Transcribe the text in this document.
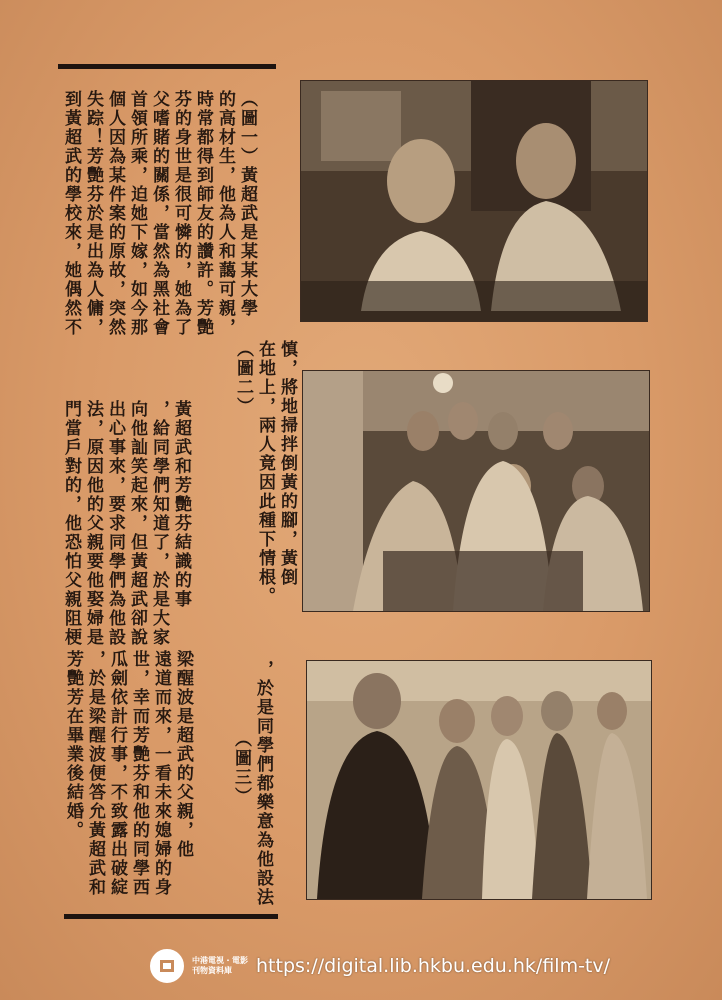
（圖一）黃超武是某某大學
的高材生，他為人和藹可親，
時常都得到師友的讚許。芳艷
芬的身世是很可憐的，她為了
父嗜賭的關係，當然為黑社會
首領所乘，迫她下嫁，如今那
個人因為某件案的原故，突然
失踪！芳艷芬於是出為人傭，
到黃超武的學校來，她偶然不
慎，將地掃拌倒黃的腳，黃倒
在地上，兩人竟因此種下情根。
（圖二）
黃超武和芳艷芬結識的事
，給同學們知道了，於是大家
向他訕笑起來，但黃超武卻說
出心事來，要求同學們為他設
法，原因他的父親要他娶婦是
門當戶對的，他恐怕父親阻梗
，於是同學們都樂意為他設法
（圖三）
梁醒波是超武的父親，他
遠道而來，一看未來媳婦的身
世，幸而芳艷芬和他的同學西
瓜劍依計行事，不致露出破綻
，於是梁醒波便答允黃超武和
芳艷芳在畢業後結婚。
中港電視・電影
刊物資料庫	https://digital.lib.hkbu.edu.hk/film-tv/
